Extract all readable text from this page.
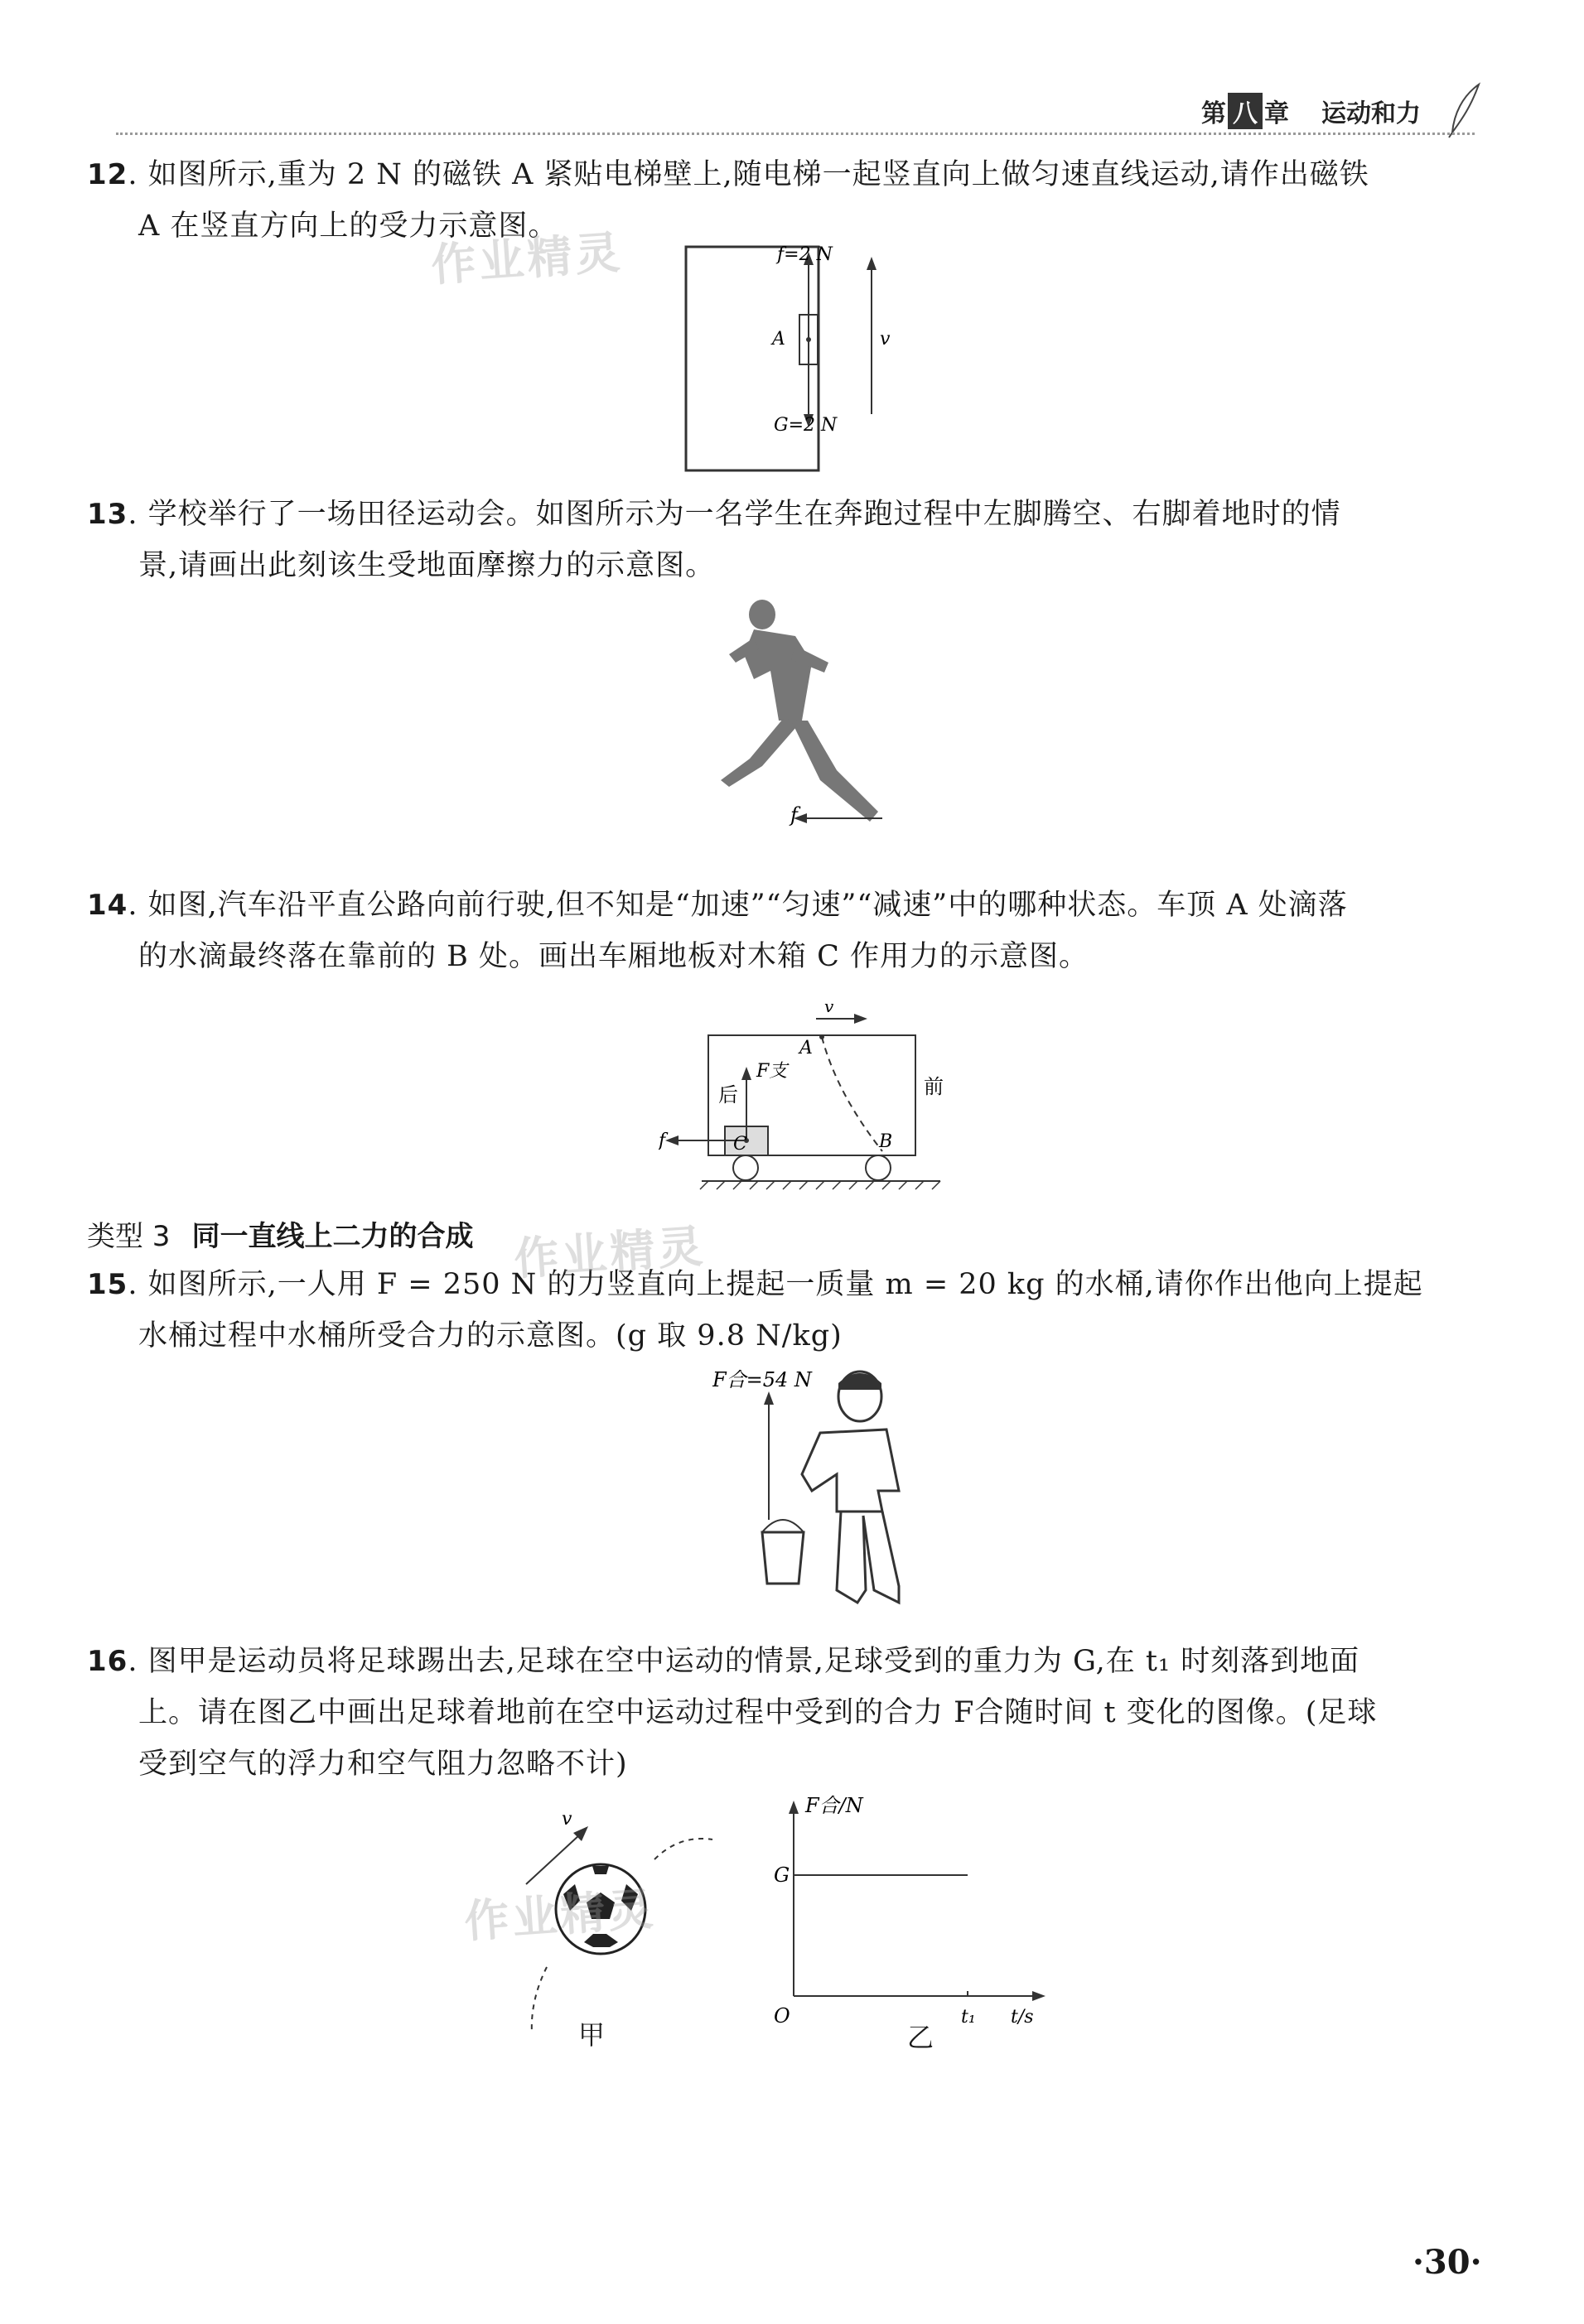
第 八 章 运动和力
12. 如图所示,重为 2 N 的磁铁 A 紧贴电梯壁上,随电梯一起竖直向上做匀速直线运动,请作出磁铁
A 在竖直方向上的受力示意图。
f=2 N
G=2 N
A	v
13. 学校举行了一场田径运动会。如图所示为一名学生在奔跑过程中左脚腾空、右脚着地时的情
景,请画出此刻该生受地面摩擦力的示意图。
f
14. 如图,汽车沿平直公路向前行驶,但不知是“加速”“匀速”“减速”中的哪种状态。车顶 A 处滴落
的水滴最终落在靠前的 B 处。画出车厢地板对木箱 C 作用力的示意图。
v
A
B
C
f
F支
后	前
类型 3 同一直线上二力的合成
15. 如图所示,一人用 F = 250 N 的力竖直向上提起一质量 m = 20 kg 的水桶,请你作出他向上提起
水桶过程中水桶所受合力的示意图。(g 取 9.8 N/kg)
F合=54 N
16. 图甲是运动员将足球踢出去,足球在空中运动的情景,足球受到的重力为 G,在 t₁ 时刻落到地面
上。请在图乙中画出足球着地前在空中运动过程中受到的合力 F合随时间 t 变化的图像。(足球
受到空气的浮力和空气阻力忽略不计)
v
甲
F合/N
G
O	t₁ t/s
乙
作业精灵
作业精灵
作业精灵
·30·
